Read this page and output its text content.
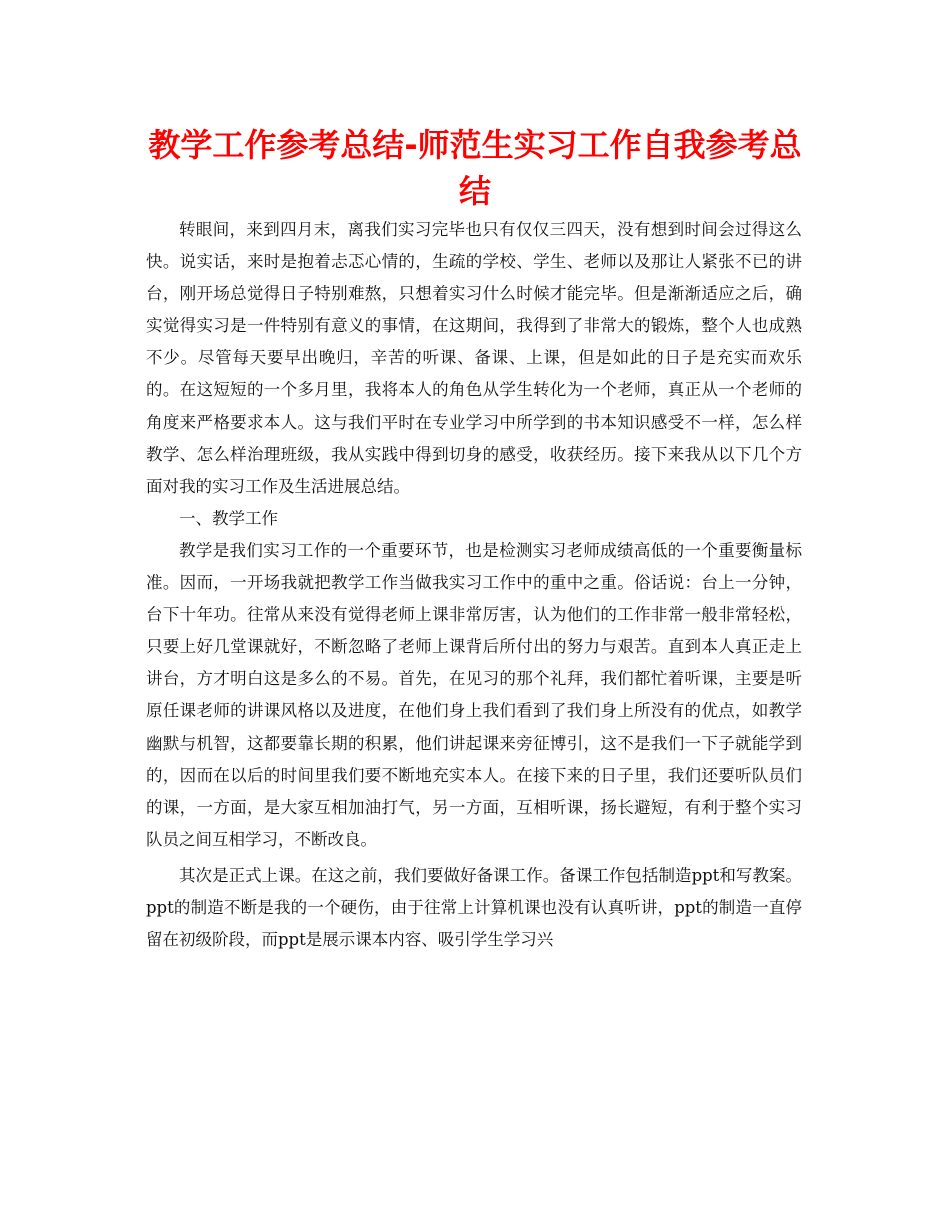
教学工作参考总结-师范生实习工作自我参考总结

转眼间，来到四月末，离我们实习完毕也只有仅仅三四天，没有想到时间会过得这么快。说实话，来时是抱着忐忑心情的，生疏的学校、学生、老师以及那让人紧张不已的讲台，刚开场总觉得日子特别难熬，只想着实习什么时候才能完毕。但是渐渐适应之后，确实觉得实习是一件特别有意义的事情，在这期间，我得到了非常大的锻炼，整个人也成熟不少。尽管每天要早出晚归，辛苦的听课、备课、上课，但是如此的日子是充实而欢乐的。在这短短的一个多月里，我将本人的角色从学生转化为一个老师，真正从一个老师的角度来严格要求本人。这与我们平时在专业学习中所学到的书本知识感受不一样，怎么样教学、怎么样治理班级，我从实践中得到切身的感受，收获经历。接下来我从以下几个方面对我的实习工作及生活进展总结。

一、教学工作

教学是我们实习工作的一个重要环节，也是检测实习老师成绩高低的一个重要衡量标准。因而，一开场我就把教学工作当做我实习工作中的重中之重。俗话说：台上一分钟，台下十年功。往常从来没有觉得老师上课非常厉害，认为他们的工作非常一般非常轻松，只要上好几堂课就好，不断忽略了老师上课背后所付出的努力与艰苦。直到本人真正走上讲台，方才明白这是多么的不易。首先，在见习的那个礼拜，我们都忙着听课，主要是听原任课老师的讲课风格以及进度，在他们身上我们看到了我们身上所没有的优点，如教学幽默与机智，这都要靠长期的积累，他们讲起课来旁征博引，这不是我们一下子就能学到的，因而在以后的时间里我们要不断地充实本人。在接下来的日子里，我们还要听队员们的课，一方面，是大家互相加油打气，另一方面，互相听课，扬长避短，有利于整个实习队员之间互相学习，不断改良。

其次是正式上课。在这之前，我们要做好备课工作。备课工作包括制造ppt和写教案。ppt的制造不断是我的一个硬伤，由于往常上计算机课也没有认真听讲，ppt的制造一直停留在初级阶段，而ppt是展示课本内容、吸引学生学习兴
